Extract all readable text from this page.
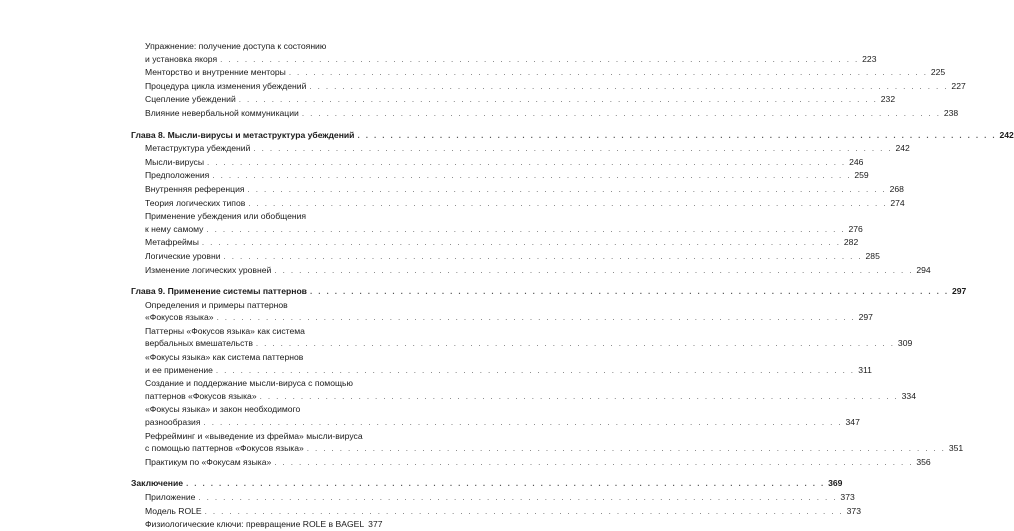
Упражнение: получение доступа к состоянию
и установка якоря . . .	223
Менторство и внутренние менторы . . .	225
Процедура цикла изменения убеждений . . .	227
Сцепление убеждений . . .	232
Влияние невербальной коммуникации . . .	238
Глава 8. Мысли-вирусы и метаструктура убеждений . . .	242
Метаструктура убеждений . . .	242
Мысли-вирусы . . .	246
Предположения . . .	259
Внутренняя референция . . .	268
Теория логических типов . . .	274
Применение убеждения или обобщения
к нему самому . . .	276
Метафреймы . . .	282
Логические уровни . . .	285
Изменение логических уровней . . .	294
Глава 9. Применение системы паттернов . . .	297
Определения и примеры паттернов
«Фокусов языка» . . .	297
Паттерны «Фокусов языка» как система
вербальных вмешательств . . .	309
«Фокусы языка» как система паттернов
и ее применение . . .	311
Создание и поддержание мысли-вируса с помощью
паттернов «Фокусов языка» . . .	334
«Фокусы языка» и закон необходимого
разнообразия . . .	347
Рефрейминг и «выведение из фрейма» мысли-вируса
с помощью паттернов «Фокусов языка» . . .	351
Практикум по «Фокусам языка» . . .	356
Заключение . . .	369
Приложение . . .	373
Модель ROLE . . .	373
Физиологические ключи: превращение ROLE в BAGEL 377
